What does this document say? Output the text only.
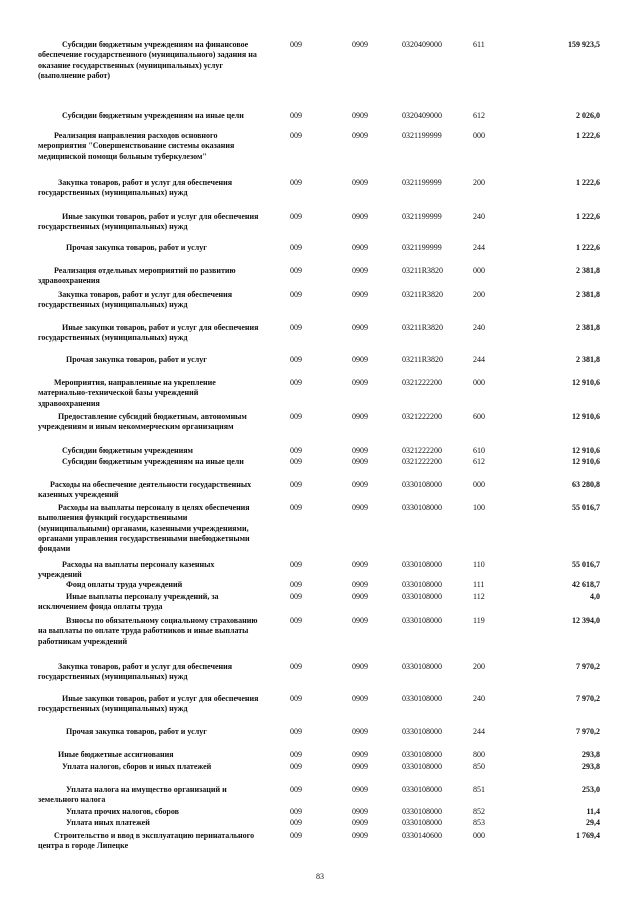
Субсидии бюджетным учреждениям на финансовое обеспечение государственного (муниципального) задания на оказание государственных (муниципальных) услуг (выполнение работ)
009	0909	0320409000	611	159 923,5
Субсидии бюджетным учреждениям на иные цели	009	0909	0320409000	612	2 026,0
Реализация направления расходов основного мероприятия "Совершенствование системы оказания медицинской помощи больным туберкулезом"
009	0909	0321199999	000	1 222,6
Закупка товаров, работ и услуг для обеспечения государственных (муниципальных) нужд
009	0909	0321199999	200	1 222,6
Иные закупки товаров, работ и услуг для обеспечения государственных (муниципальных) нужд
009	0909	0321199999	240	1 222,6
Прочая закупка товаров, работ и услуг	009	0909	0321199999	244	1 222,6
Реализация отдельных мероприятий по развитию здравоохранения
009	0909	03211R3820	000	2 381,8
Закупка товаров, работ и услуг для обеспечения государственных (муниципальных) нужд
009	0909	03211R3820	200	2 381,8
Иные закупки товаров, работ и услуг для обеспечения государственных (муниципальных) нужд
009	0909	03211R3820	240	2 381,8
Прочая закупка товаров, работ и услуг	009	0909	03211R3820	244	2 381,8
Мероприятия, направленные на укрепление материально-технической базы учреждений здравоохранения
009	0909	0321222200	000	12 910,6
Предоставление субсидий бюджетным, автономным учреждениям и иным некоммерческим организациям
009	0909	0321222200	600	12 910,6
Субсидии бюджетным учреждениям	009	0909	0321222200	610	12 910,6
Субсидии бюджетным учреждениям на иные цели	009	0909	0321222200	612	12 910,6
Расходы на обеспечение деятельности государственных казенных учреждений
009	0909	0330108000	000	63 280,8
Расходы на выплаты персоналу в целях обеспечения выполнения функций государственными (муниципальными) органами, казенными учреждениями, органами управления государственными внебюджетными фондами
009	0909	0330108000	100	55 016,7
Расходы на выплаты персоналу казенных учреждений
009	0909	0330108000	110	55 016,7
Фонд оплаты труда учреждений	009	0909	0330108000	111	42 618,7
Иные выплаты персоналу учреждений, за исключением фонда оплаты труда
009	0909	0330108000	112	4,0
Взносы по обязательному социальному страхованию на выплаты по оплате труда работников и иные выплаты работникам учреждений
009	0909	0330108000	119	12 394,0
Закупка товаров, работ и услуг для обеспечения государственных (муниципальных) нужд
009	0909	0330108000	200	7 970,2
Иные закупки товаров, работ и услуг для обеспечения государственных (муниципальных) нужд
009	0909	0330108000	240	7 970,2
Прочая закупка товаров, работ и услуг	009	0909	0330108000	244	7 970,2
Иные бюджетные ассигнования	009	0909	0330108000	800	293,8
Уплата налогов, сборов и иных платежей	009	0909	0330108000	850	293,8
Уплата налога на имущество организаций и земельного налога
009	0909	0330108000	851	253,0
Уплата прочих налогов, сборов	009	0909	0330108000	852	11,4
Уплата иных платежей	009	0909	0330108000	853	29,4
Строительство и ввод в эксплуатацию перинатального центра в городе Липецке
009	0909	0330140600	000	1 769,4
83
